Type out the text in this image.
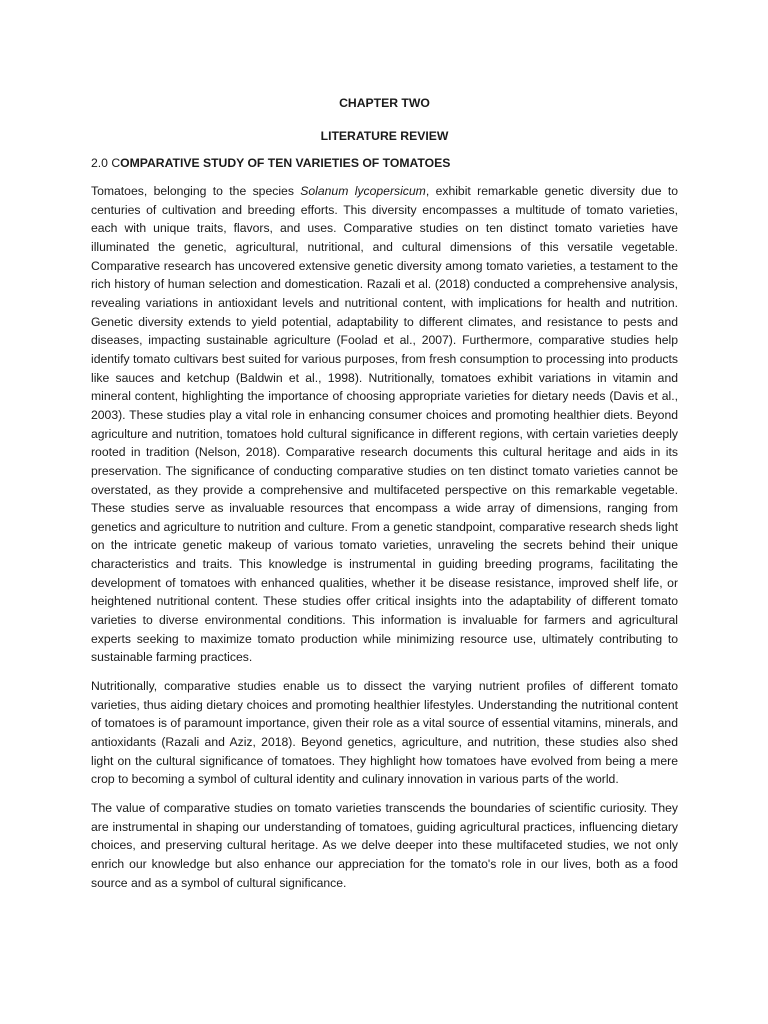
CHAPTER TWO

LITERATURE REVIEW

2.0 COMPARATIVE STUDY OF TEN VARIETIES OF TOMATOES

Tomatoes, belonging to the species Solanum lycopersicum, exhibit remarkable genetic diversity due to centuries of cultivation and breeding efforts. This diversity encompasses a multitude of tomato varieties, each with unique traits, flavors, and uses. Comparative studies on ten distinct tomato varieties have illuminated the genetic, agricultural, nutritional, and cultural dimensions of this versatile vegetable. Comparative research has uncovered extensive genetic diversity among tomato varieties, a testament to the rich history of human selection and domestication. Razali et al. (2018) conducted a comprehensive analysis, revealing variations in antioxidant levels and nutritional content, with implications for health and nutrition. Genetic diversity extends to yield potential, adaptability to different climates, and resistance to pests and diseases, impacting sustainable agriculture (Foolad et al., 2007). Furthermore, comparative studies help identify tomato cultivars best suited for various purposes, from fresh consumption to processing into products like sauces and ketchup (Baldwin et al., 1998). Nutritionally, tomatoes exhibit variations in vitamin and mineral content, highlighting the importance of choosing appropriate varieties for dietary needs (Davis et al., 2003). These studies play a vital role in enhancing consumer choices and promoting healthier diets. Beyond agriculture and nutrition, tomatoes hold cultural significance in different regions, with certain varieties deeply rooted in tradition (Nelson, 2018). Comparative research documents this cultural heritage and aids in its preservation. The significance of conducting comparative studies on ten distinct tomato varieties cannot be overstated, as they provide a comprehensive and multifaceted perspective on this remarkable vegetable. These studies serve as invaluable resources that encompass a wide array of dimensions, ranging from genetics and agriculture to nutrition and culture. From a genetic standpoint, comparative research sheds light on the intricate genetic makeup of various tomato varieties, unraveling the secrets behind their unique characteristics and traits. This knowledge is instrumental in guiding breeding programs, facilitating the development of tomatoes with enhanced qualities, whether it be disease resistance, improved shelf life, or heightened nutritional content. These studies offer critical insights into the adaptability of different tomato varieties to diverse environmental conditions. This information is invaluable for farmers and agricultural experts seeking to maximize tomato production while minimizing resource use, ultimately contributing to sustainable farming practices.

Nutritionally, comparative studies enable us to dissect the varying nutrient profiles of different tomato varieties, thus aiding dietary choices and promoting healthier lifestyles. Understanding the nutritional content of tomatoes is of paramount importance, given their role as a vital source of essential vitamins, minerals, and antioxidants (Razali and Aziz, 2018). Beyond genetics, agriculture, and nutrition, these studies also shed light on the cultural significance of tomatoes. They highlight how tomatoes have evolved from being a mere crop to becoming a symbol of cultural identity and culinary innovation in various parts of the world.

The value of comparative studies on tomato varieties transcends the boundaries of scientific curiosity. They are instrumental in shaping our understanding of tomatoes, guiding agricultural practices, influencing dietary choices, and preserving cultural heritage. As we delve deeper into these multifaceted studies, we not only enrich our knowledge but also enhance our appreciation for the tomato's role in our lives, both as a food source and as a symbol of cultural significance.
